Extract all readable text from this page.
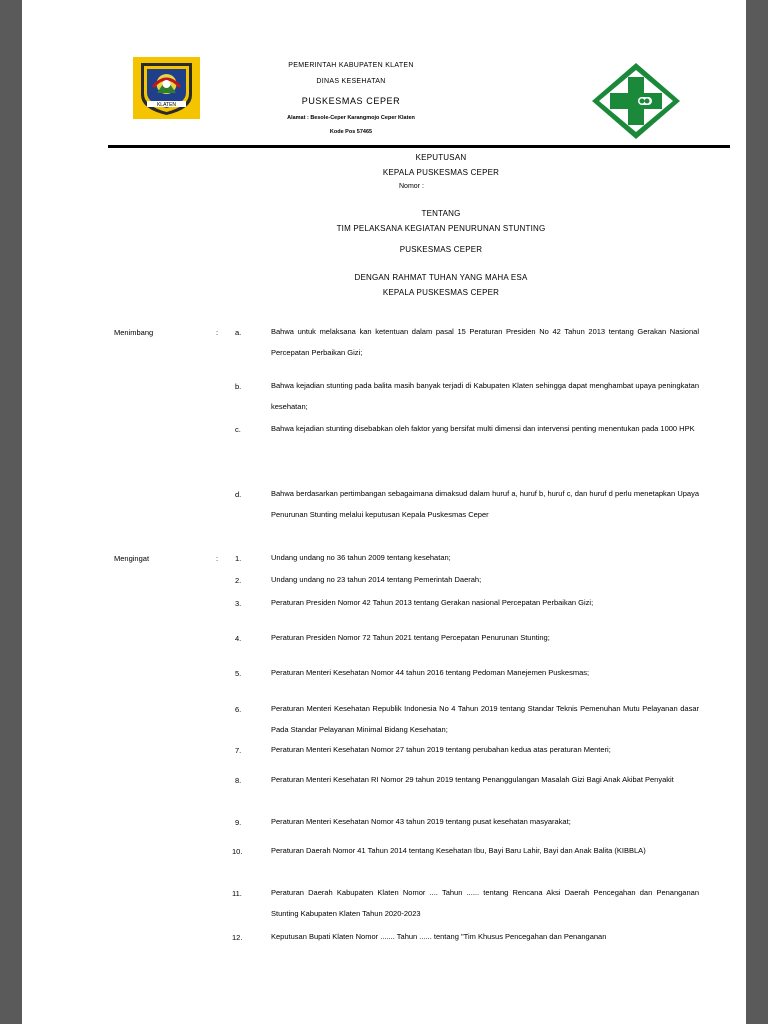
KLATEN
PEMERINTAH KABUPATEN KLATEN
DINAS KESEHATAN
PUSKESMAS CEPER
Alamat : Besole-Ceper Karangmojo Ceper Klaten
Kode Pos 57465
KEPUTUSAN
KEPALA PUSKESMAS CEPER
Nomor :
TENTANG
TIM PELAKSANA KEGIATAN PENURUNAN STUNTING
PUSKESMAS CEPER
DENGAN RAHMAT TUHAN YANG MAHA ESA
KEPALA PUSKESMAS CEPER
Menimbang	: a.	Bahwa untuk melaksana kan ketentuan dalam pasal 15 Peraturan Presiden No 42 Tahun 2013 tentang Gerakan Nasional Percepatan Perbaikan Gizi;
b.	Bahwa kejadian stunting pada balita masih banyak terjadi di Kabupaten Klaten sehingga dapat menghambat upaya peningkatan kesehatan;
c.	Bahwa kejadian stunting disebabkan oleh faktor yang bersifat multi dimensi dan intervensi penting menentukan pada 1000 HPK
d.	Bahwa berdasarkan pertimbangan sebagaimana dimaksud dalam huruf a, huruf b, huruf c, dan huruf d perlu menetapkan Upaya Penurunan Stunting melalui keputusan Kepala Puskesmas Ceper
Mengingat	: 1.	Undang undang no 36 tahun 2009 tentang kesehatan;
2.	Undang undang no 23 tahun 2014 tentang Pemerintah Daerah;
3.	Peraturan Presiden Nomor 42 Tahun 2013 tentang Gerakan nasional Percepatan Perbaikan Gizi;
4.	Peraturan Presiden Nomor 72 Tahun 2021 tentang Percepatan Penurunan Stunting;
5.	Peraturan Menteri Kesehatan Nomor 44 tahun 2016 tentang Pedoman Manejemen Puskesmas;
6.	Peraturan Menteri Kesehatan Republik Indonesia No 4 Tahun 2019 tentang Standar Teknis Pemenuhan Mutu Pelayanan dasar Pada Standar Pelayanan Minimal Bidang Kesehatan;
7.	Peraturan Menteri Kesehatan Nomor 27 tahun 2019 tentang perubahan kedua atas peraturan Menteri;
8.	Peraturan Menteri Kesehatan RI Nomor 29 tahun 2019 tentang Penanggulangan Masalah Gizi Bagi Anak Akibat Penyakit
9.	Peraturan Menteri Kesehatan Nomor 43 tahun 2019 tentang pusat kesehatan masyarakat;
10.	Peraturan Daerah Nomor 41 Tahun 2014 tentang Kesehatan Ibu, Bayi Baru Lahir, Bayi dan Anak Balita (KIBBLA)
11.	Peraturan Daerah Kabupaten Klaten Nomor .... Tahun ...... tentang Rencana Aksi Daerah Pencegahan dan Penanganan Stunting Kabupaten Klaten Tahun 2020-2023
12.	Keputusan Bupati Klaten Nomor ....... Tahun ...... tentang "Tim Khusus Pencegahan dan Penanganan
